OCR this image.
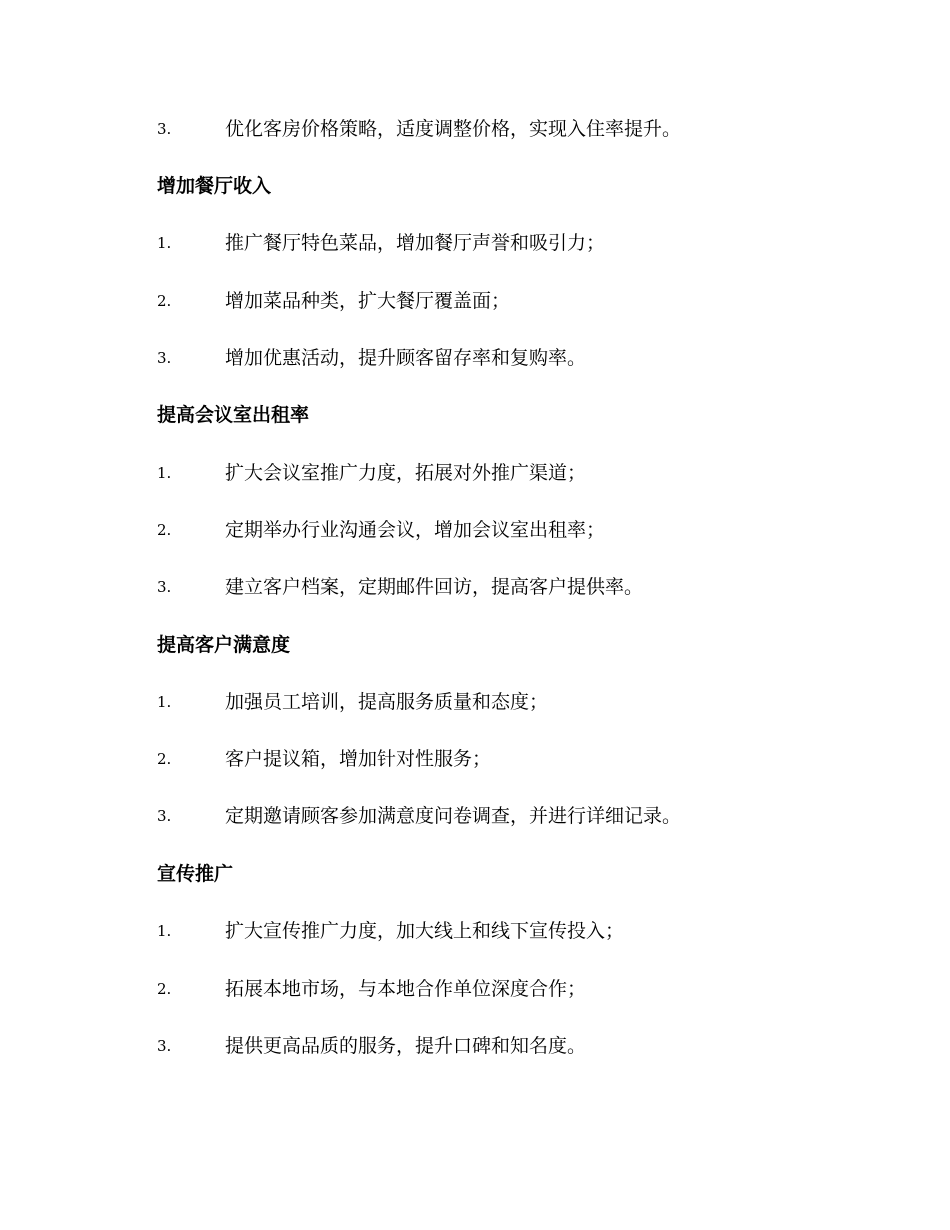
3.	优化客房价格策略，适度调整价格，实现入住率提升。
增加餐厅收入
1.	推广餐厅特色菜品，增加餐厅声誉和吸引力；
2.	增加菜品种类，扩大餐厅覆盖面；
3.	增加优惠活动，提升顾客留存率和复购率。
提高会议室出租率
1.	扩大会议室推广力度，拓展对外推广渠道；
2.	定期举办行业沟通会议，增加会议室出租率；
3.	建立客户档案，定期邮件回访，提高客户提供率。
提高客户满意度
1.	加强员工培训，提高服务质量和态度；
2.	客户提议箱，增加针对性服务；
3.	定期邀请顾客参加满意度问卷调查，并进行详细记录。
宣传推广
1.	扩大宣传推广力度，加大线上和线下宣传投入；
2.	拓展本地市场，与本地合作单位深度合作；
3.	提供更高品质的服务，提升口碑和知名度。
